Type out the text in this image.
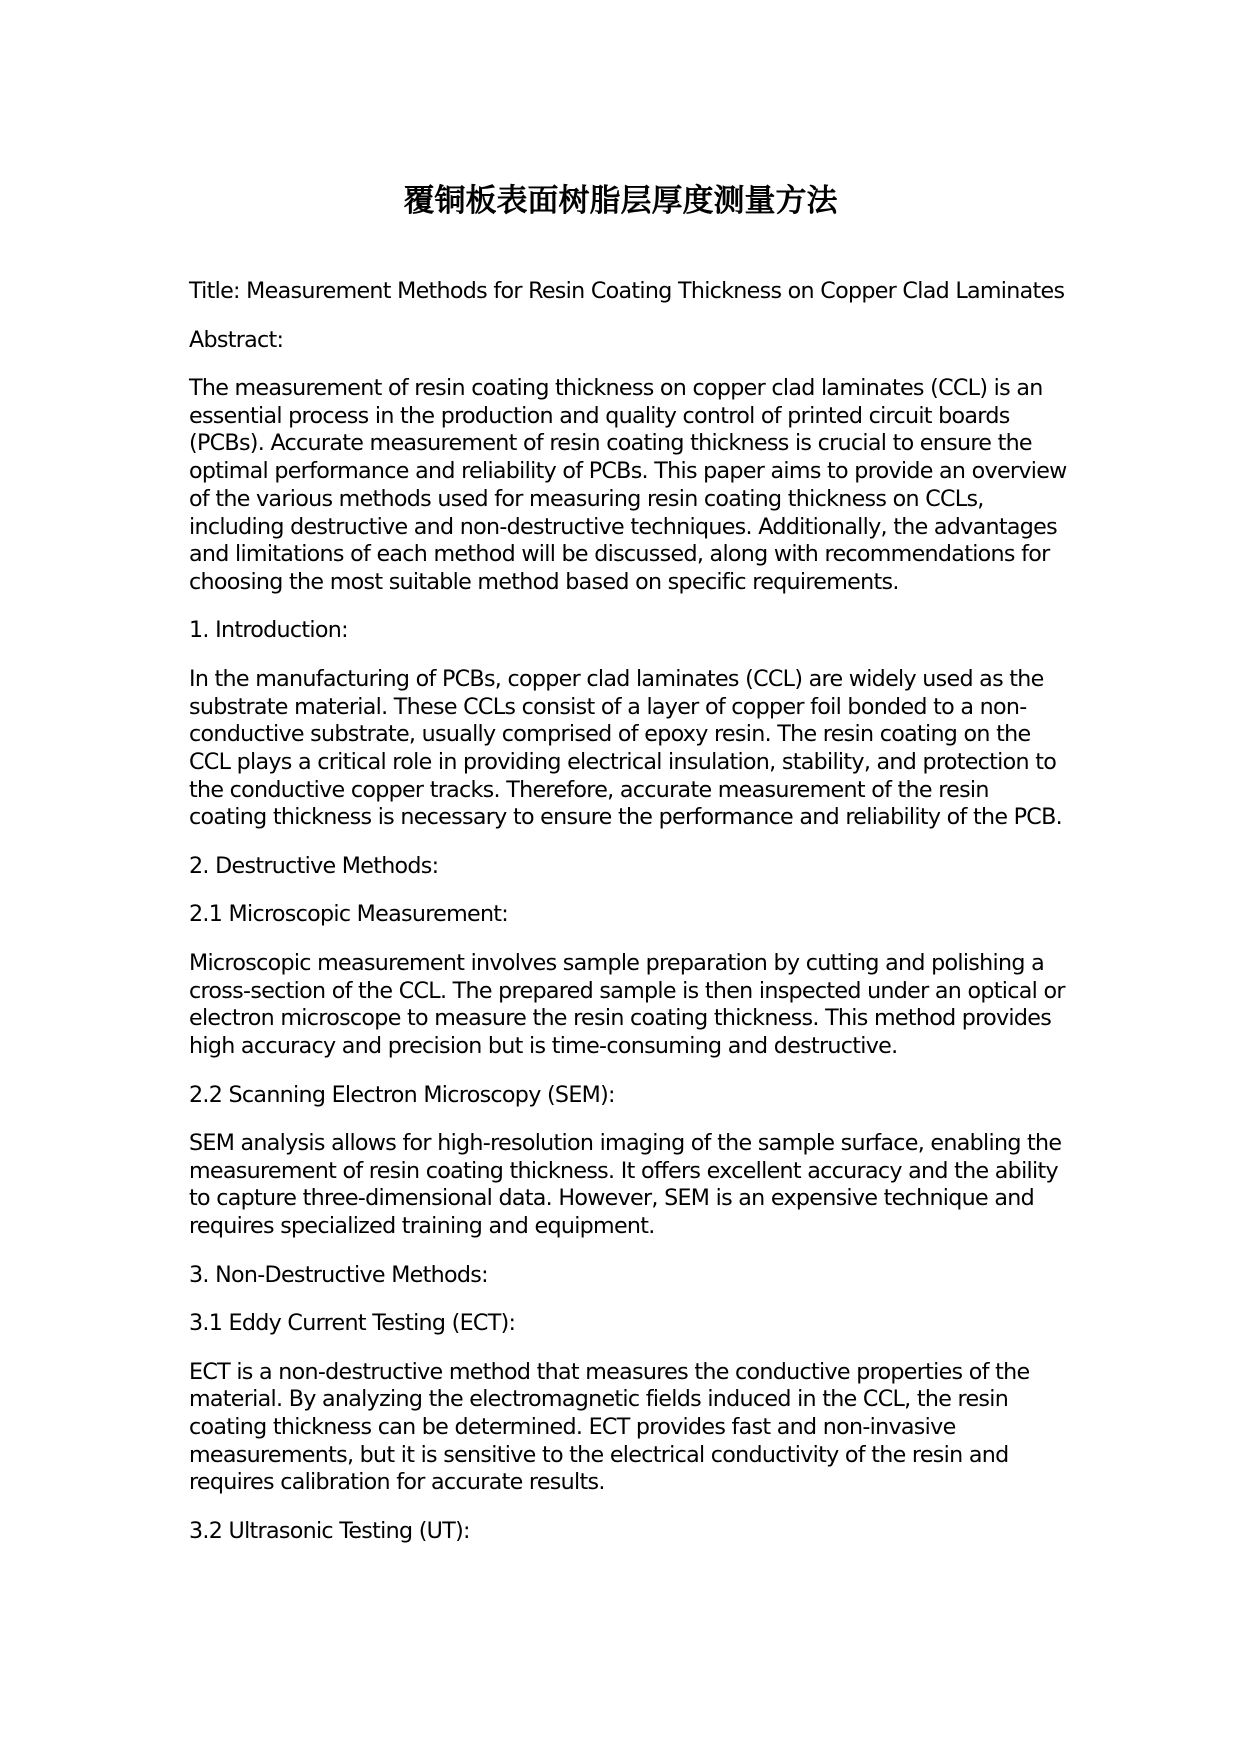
覆铜板表面树脂层厚度测量方法

Title: Measurement Methods for Resin Coating Thickness on Copper Clad Laminates

Abstract:

The measurement of resin coating thickness on copper clad laminates (CCL) is an essential process in the production and quality control of printed circuit boards (PCBs). Accurate measurement of resin coating thickness is crucial to ensure the optimal performance and reliability of PCBs. This paper aims to provide an overview of the various methods used for measuring resin coating thickness on CCLs, including destructive and non-destructive techniques. Additionally, the advantages and limitations of each method will be discussed, along with recommendations for choosing the most suitable method based on specific requirements.

1. Introduction:

In the manufacturing of PCBs, copper clad laminates (CCL) are widely used as the substrate material. These CCLs consist of a layer of copper foil bonded to a non-conductive substrate, usually comprised of epoxy resin. The resin coating on the CCL plays a critical role in providing electrical insulation, stability, and protection to the conductive copper tracks. Therefore, accurate measurement of the resin coating thickness is necessary to ensure the performance and reliability of the PCB.

2. Destructive Methods:

2.1 Microscopic Measurement:

Microscopic measurement involves sample preparation by cutting and polishing a cross-section of the CCL. The prepared sample is then inspected under an optical or electron microscope to measure the resin coating thickness. This method provides high accuracy and precision but is time-consuming and destructive.

2.2 Scanning Electron Microscopy (SEM):

SEM analysis allows for high-resolution imaging of the sample surface, enabling the measurement of resin coating thickness. It offers excellent accuracy and the ability to capture three-dimensional data. However, SEM is an expensive technique and requires specialized training and equipment.

3. Non-Destructive Methods:

3.1 Eddy Current Testing (ECT):

ECT is a non-destructive method that measures the conductive properties of the material. By analyzing the electromagnetic fields induced in the CCL, the resin coating thickness can be determined. ECT provides fast and non-invasive measurements, but it is sensitive to the electrical conductivity of the resin and requires calibration for accurate results.

3.2 Ultrasonic Testing (UT):
